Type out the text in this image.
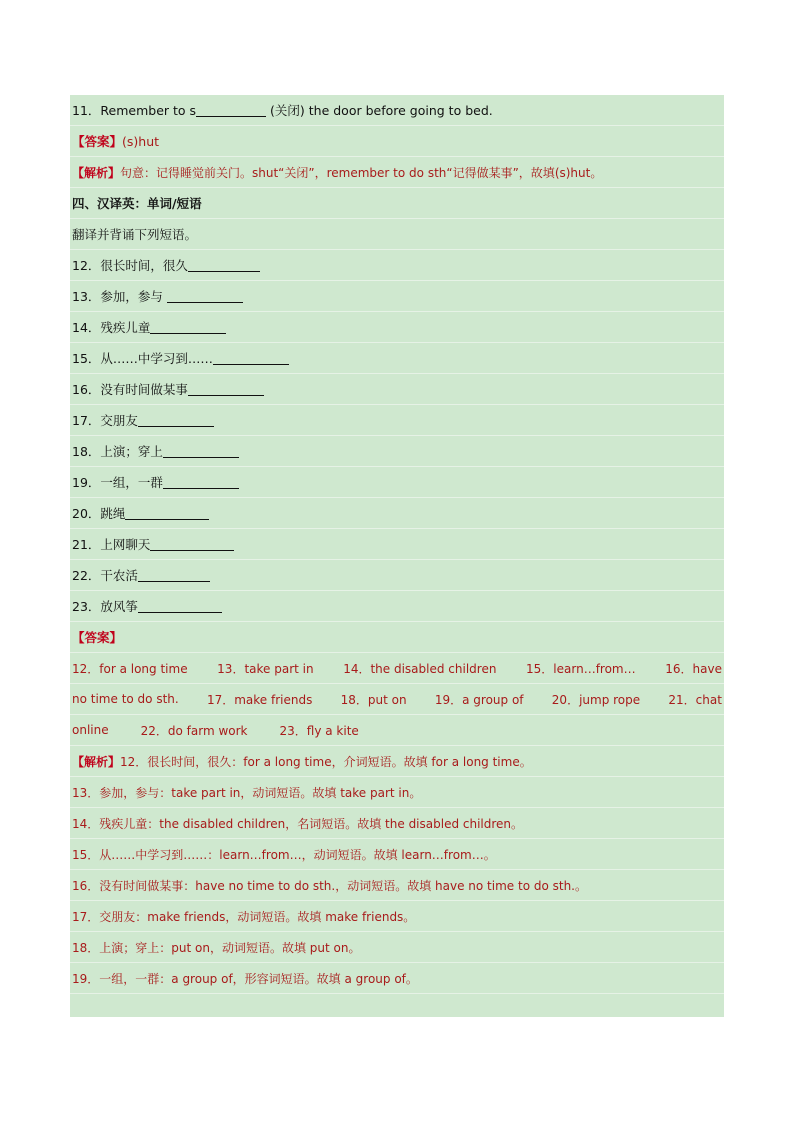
11．Remember to s
	(关闭) the door before going to bed.
【答案】 (s)hut
【解析】 句意：记得睡觉前关门。shut“关闭”，remember to do sth“记得做某事”，故填(s)hut。
四、汉译英：单词/短语
翻译并背诵下列短语。
12．很长时间，很久
13．参加，参与

14．残疾儿童
15．从……中学习到……
16．没有时间做某事
17．交朋友
18．上演；穿上
19．一组，一群
20．跳绳
21．上网聊天
22．干农活
23．放风筝
【答案】
12．for a long time 13．take part in 14．the disabled children 15．learn…from… 16．have
no time to do sth. 17．make friends 18．put on 19．a group of 20．jump rope 21．chat
online	22．do farm work	23．fly a kite
【解析】 12．很长时间，很久：for a long time，介词短语。故填 for a long time。
13．参加，参与：take part in，动词短语。故填 take part in。
14．残疾儿童：the disabled children，名词短语。故填 the disabled children。
15．从……中学习到……：learn…from…，动词短语。故填 learn…from…。
16．没有时间做某事：have no time to do sth.，动词短语。故填 have no time to do sth.。
17．交朋友：make friends，动词短语。故填 make friends。
18．上演；穿上：put on，动词短语。故填 put on。
19．一组，一群：a group of，形容词短语。故填 a group of。
